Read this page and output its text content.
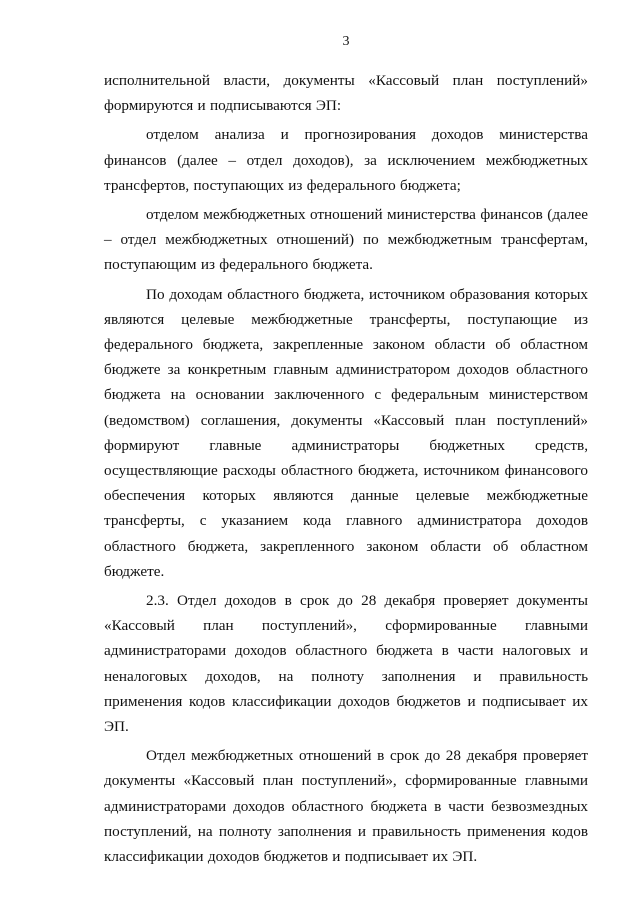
3

исполнительной власти, документы «Кассовый план поступлений» формируются и подписываются ЭП:

отделом анализа и прогнозирования доходов министерства финансов (далее – отдел доходов), за исключением межбюджетных трансфертов, поступающих из федерального бюджета;

отделом межбюджетных отношений министерства финансов (далее – отдел межбюджетных отношений) по межбюджетным трансфертам, поступающим из федерального бюджета.

По доходам областного бюджета, источником образования которых являются целевые межбюджетные трансферты, поступающие из федерального бюджета, закрепленные законом области об областном бюджете за конкретным главным администратором доходов областного бюджета на основании заключенного с федеральным министерством (ведомством) соглашения, документы «Кассовый план поступлений» формируют главные администраторы бюджетных средств, осуществляющие расходы областного бюджета, источником финансового обеспечения которых являются данные целевые межбюджетные трансферты, с указанием кода главного администратора доходов областного бюджета, закрепленного законом области об областном бюджете.

2.3. Отдел доходов в срок до 28 декабря проверяет документы «Кассовый план поступлений», сформированные главными администраторами доходов областного бюджета в части налоговых и неналоговых доходов, на полноту заполнения и правильность применения кодов классификации доходов бюджетов и подписывает их ЭП.

Отдел межбюджетных отношений в срок до 28 декабря проверяет документы «Кассовый план поступлений», сформированные главными администраторами доходов областного бюджета в части безвозмездных поступлений, на полноту заполнения и правильность применения кодов классификации доходов бюджетов и подписывает их ЭП.
